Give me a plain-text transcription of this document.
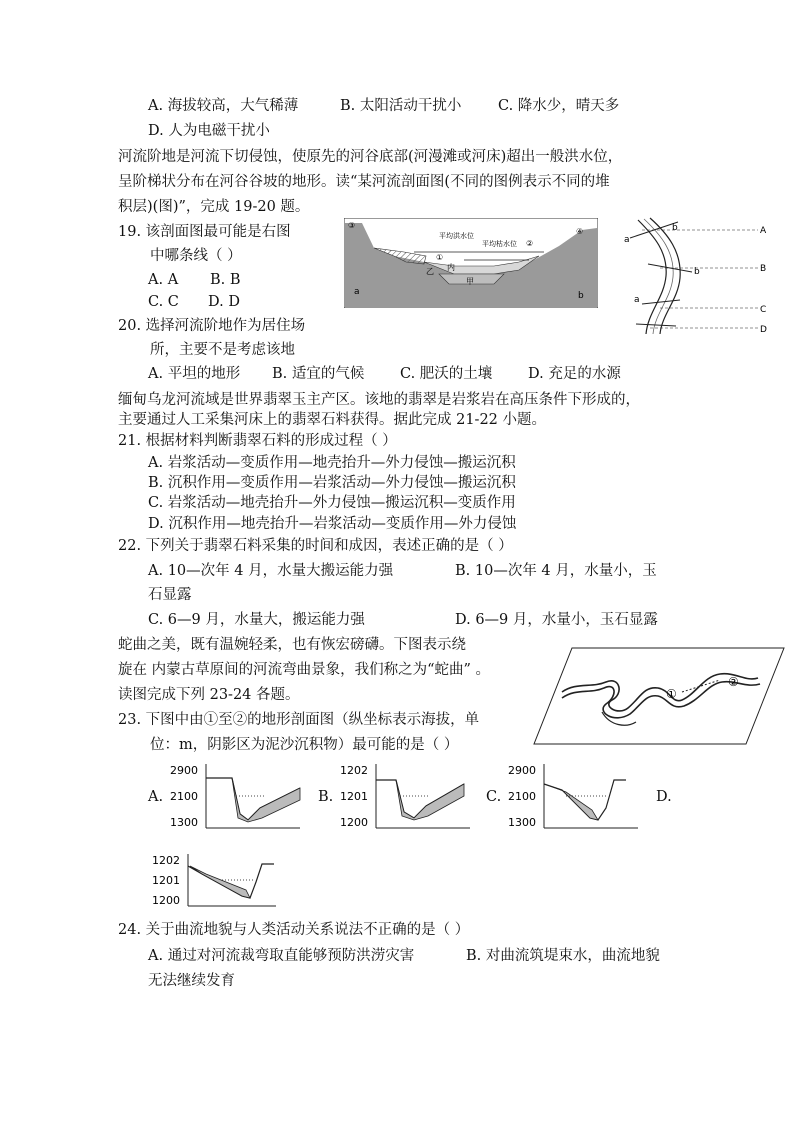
A. 海拔较高，大气稀薄	B. 太阳活动干扰小	C. 降水少，晴天多
D. 人为电磁干扰小
河流阶地是河流下切侵蚀，使原先的河谷底部(河漫滩或河床)超出一般洪水位，
呈阶梯状分布在河谷谷坡的地形。读“某河流剖面图(不同的图例表示不同的堆
积层)(图)”，完成 19-20 题。
19. 该剖面图最可能是右图
中哪条线（ ）
A. A B. B
C. C D. D
平均洪水位
平均枯水位
③
②
④
①
内
乙
甲
a	b
A
B
C
D
a
b
b
a
20. 选择河流阶地作为居住场
所，主要不是考虑该地
A. 平坦的地形 B. 适宜的气候 C. 肥沃的土壤 D. 充足的水源
缅甸乌龙河流域是世界翡翠玉主产区。该地的翡翠是岩浆岩在高压条件下形成的，
主要通过人工采集河床上的翡翠石料获得。据此完成 21-22 小题。
21. 根据材料判断翡翠石料的形成过程（ ）
A. 岩浆活动—变质作用—地壳抬升—外力侵蚀—搬运沉积
B. 沉积作用—变质作用—岩浆活动—外力侵蚀—搬运沉积
C. 岩浆活动—地壳抬升—外力侵蚀—搬运沉积—变质作用
D. 沉积作用—地壳抬升—岩浆活动—变质作用—外力侵蚀
22. 下列关于翡翠石料采集的时间和成因，表述正确的是（ ）
A. 10—次年 4 月，水量大搬运能力强	B. 10—次年 4 月，水量小，玉
石显露
C. 6—9 月，水量大，搬运能力强	D. 6—9 月，水量小，玉石显露
蛇曲之美，既有温婉轻柔，也有恢宏磅礴。下图表示绕
旋在 内蒙古草原间的河流弯曲景象，我们称之为“蛇曲” 。
读图完成下列 23-24 各题。	①
②
23. 下图中由①至②的地形剖面图（纵坐标表示海拔，单
位：m，阴影区为泥沙沉积物）最可能的是（ ）
A.	B.	C.	D.
2900
2100
1300
1202
1201
1200
2900
2100
1300
1202
1201
1200
24. 关于曲流地貌与人类活动关系说法不正确的是（ ）
A. 通过对河流裁弯取直能够预防洪涝灾害	B. 对曲流筑堤束水，曲流地貌
无法继续发育
